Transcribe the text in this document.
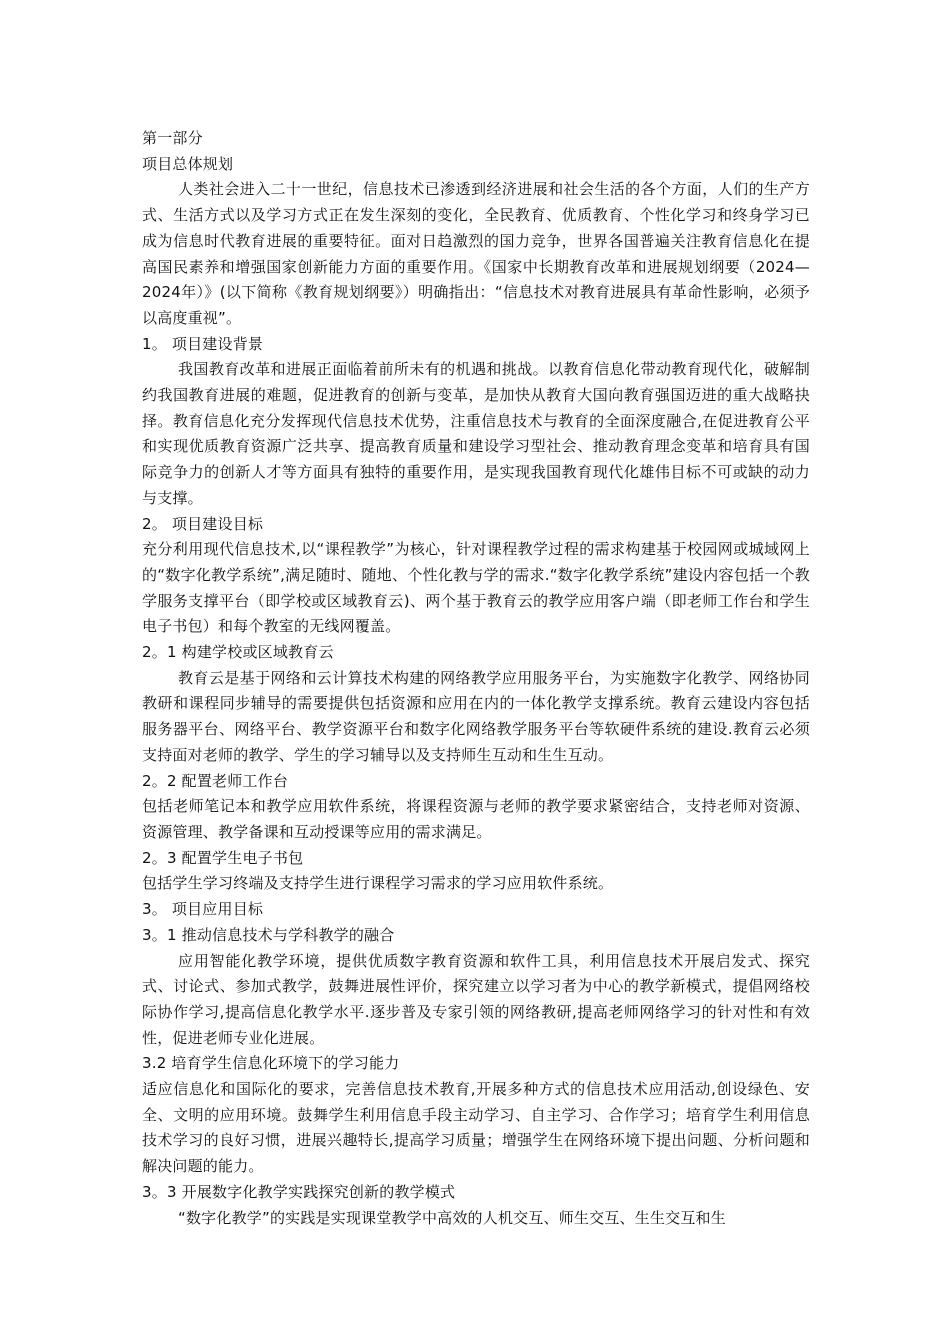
第一部分

项目总体规划

人类社会进入二十一世纪，信息技术已渗透到经济进展和社会生活的各个方面，人们的生产方式、生活方式以及学习方式正在发生深刻的变化，全民教育、优质教育、个性化学习和终身学习已成为信息时代教育进展的重要特征。面对日趋激烈的国力竞争，世界各国普遍关注教育信息化在提高国民素养和增强国家创新能力方面的重要作用。《国家中长期教育改革和进展规划纲要（2024—2024年）》(以下简称《教育规划纲要》）明确指出：“信息技术对教育进展具有革命性影响，必须予以高度重视”。

1。 项目建设背景

我国教育改革和进展正面临着前所未有的机遇和挑战。以教育信息化带动教育现代化，破解制约我国教育进展的难题，促进教育的创新与变革，是加快从教育大国向教育强国迈进的重大战略抉择。教育信息化充分发挥现代信息技术优势，注重信息技术与教育的全面深度融合,在促进教育公平和实现优质教育资源广泛共享、提高教育质量和建设学习型社会、推动教育理念变革和培育具有国际竞争力的创新人才等方面具有独特的重要作用，是实现我国教育现代化雄伟目标不可或缺的动力与支撑。

2。 项目建设目标

充分利用现代信息技术,以“课程教学”为核心，针对课程教学过程的需求构建基于校园网或城域网上的“数字化教学系统”,满足随时、随地、个性化教与学的需求.“数字化教学系统”建设内容包括一个教学服务支撑平台（即学校或区域教育云)、两个基于教育云的教学应用客户端（即老师工作台和学生电子书包）和每个教室的无线网覆盖。

2。1 构建学校或区域教育云

教育云是基于网络和云计算技术构建的网络教学应用服务平台，为实施数字化教学、网络协同教研和课程同步辅导的需要提供包括资源和应用在内的一体化教学支撑系统。教育云建设内容包括服务器平台、网络平台、教学资源平台和数字化网络教学服务平台等软硬件系统的建设.教育云必须支持面对老师的教学、学生的学习辅导以及支持师生互动和生生互动。

2。2 配置老师工作台

包括老师笔记本和教学应用软件系统，将课程资源与老师的教学要求紧密结合，支持老师对资源、资源管理、教学备课和互动授课等应用的需求满足。

2。3 配置学生电子书包

包括学生学习终端及支持学生进行课程学习需求的学习应用软件系统。

3。 项目应用目标

3。1 推动信息技术与学科教学的融合

应用智能化教学环境，提供优质数字教育资源和软件工具，利用信息技术开展启发式、探究式、讨论式、参加式教学，鼓舞进展性评价，探究建立以学习者为中心的教学新模式，提倡网络校际协作学习,提高信息化教学水平.逐步普及专家引领的网络教研,提高老师网络学习的针对性和有效性，促进老师专业化进展。

3.2 培育学生信息化环境下的学习能力

适应信息化和国际化的要求，完善信息技术教育,开展多种方式的信息技术应用活动,创设绿色、安全、文明的应用环境。鼓舞学生利用信息手段主动学习、自主学习、合作学习；培育学生利用信息技术学习的良好习惯，进展兴趣特长,提高学习质量；增强学生在网络环境下提出问题、分析问题和解决问题的能力。

3。3 开展数字化教学实践探究创新的教学模式

“数字化教学”的实践是实现课堂教学中高效的人机交互、师生交互、生生交互和生
